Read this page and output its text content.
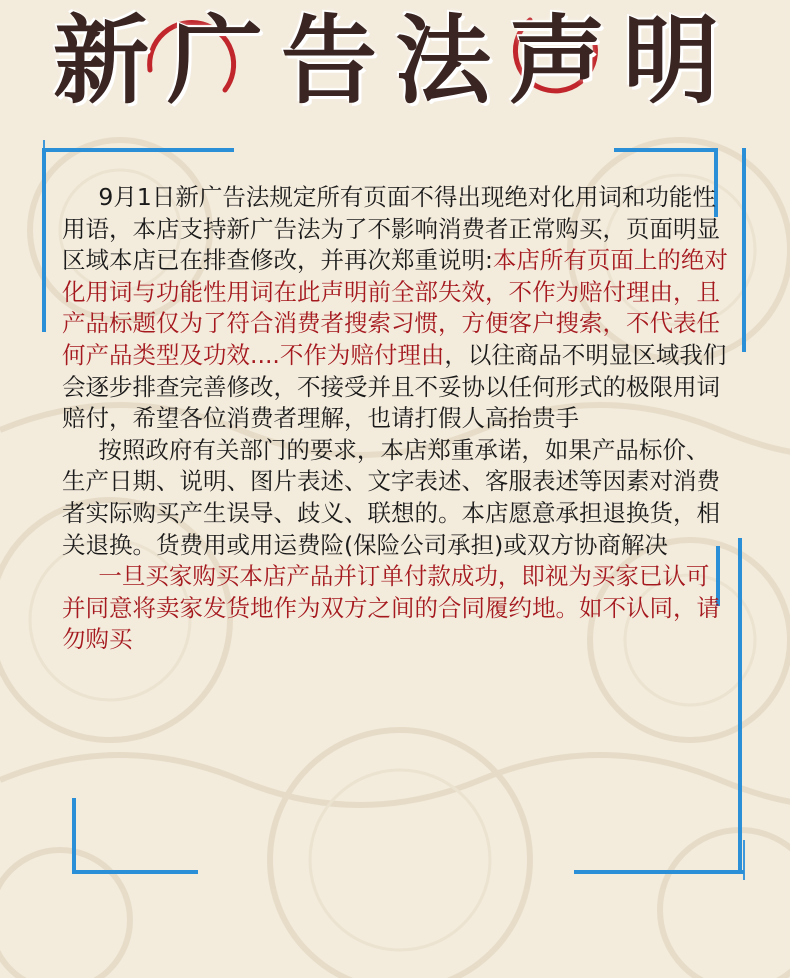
新广告法声明

9月1日新广告法规定所有页面不得出现绝对化用词和功能性用语，本店支持新广告法为了不影响消费者正常购买，页面明显区域本店已在排查修改，并再次郑重说明:本店所有页面上的绝对化用词与功能性用词在此声明前全部失效，不作为赔付理由，且产品标题仅为了符合消费者搜索习惯，方便客户搜索，不代表任何产品类型及功效....不作为赔付理由，以往商品不明显区域我们会逐步排查完善修改，不接受并且不妥协以任何形式的极限用词赔付，希望各位消费者理解，也请打假人高抬贵手

按照政府有关部门的要求，本店郑重承诺，如果产品标价、生产日期、说明、图片表述、文字表述、客服表述等因素对消费者实际购买产生误导、歧义、联想的。本店愿意承担退换货，相关退换。货费用或用运费险(保险公司承担)或双方协商解决

一旦买家购买本店产品并订单付款成功，即视为买家已认可并同意将卖家发货地作为双方之间的合同履约地。如不认同，请勿购买
